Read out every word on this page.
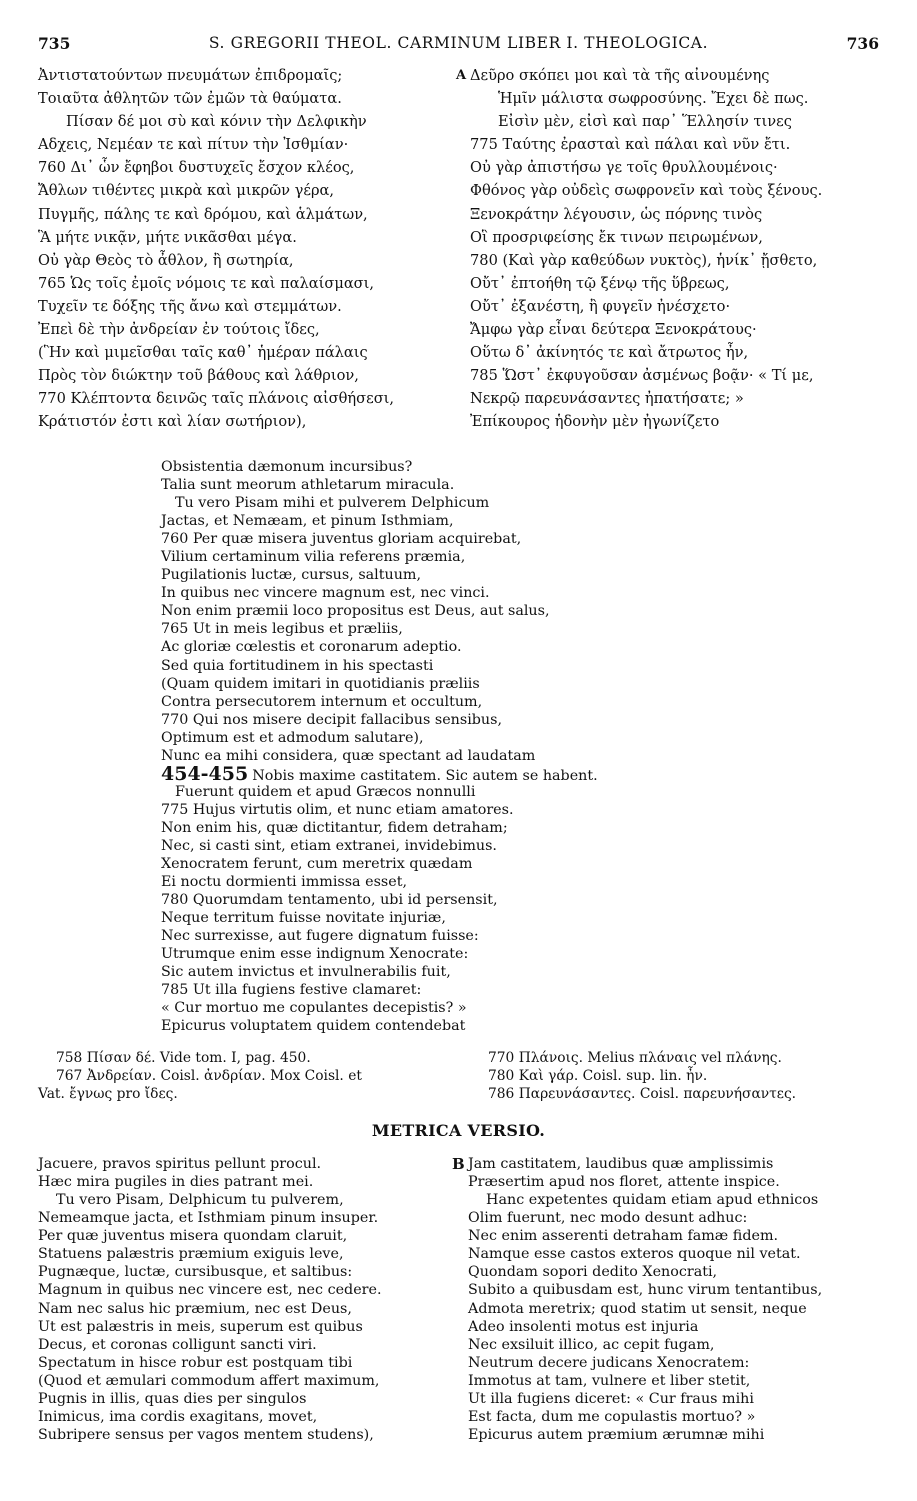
735	S. GREGORII THEOL. CARMINUM LIBER I. THEOLOGICA.	736
Ἀντιστατούντων πνευμάτων ἐπιδρομαῖς;
Τοιαῦτα ἀθλητῶν τῶν ἐμῶν τὰ θαύματα.
Πίσαν δέ μοι σὺ καὶ κόνιν τὴν Δελφικὴν
Αδχεις, Νεμέαν τε καὶ πίτυν τὴν Ἰσθμίαν·
760 Δι᾽ ὧν ἔφηβοι δυστυχεῖς ἔσχον κλέος,
Ἄθλων τιθέντες μικρὰ καὶ μικρῶν γέρα,
Πυγμῆς, πάλης τε καὶ δρόμου, καὶ ἁλμάτων,
Ἃ μήτε νικᾷν, μήτε νικᾶσθαι μέγα.
Οὐ γὰρ Θεὸς τὸ ἆθλον, ἢ σωτηρία,
765 Ὡς τοῖς ἐμοῖς νόμοις τε καὶ παλαίσμασι,
Τυχεῖν τε δόξης τῆς ἄνω καὶ στεμμάτων.
Ἐπεὶ δὲ τὴν ἀνδρείαν ἐν τούτοις ἴδες,
(Ἣν καὶ μιμεῖσθαι ταῖς καθ᾽ ἡμέραν πάλαις
Πρὸς τὸν διώκτην τοῦ βάθους καὶ λάθριον,
770 Κλέπτοντα δεινῶς ταῖς πλάνοις αἰσθήσεσι,
Κράτιστόν ἐστι καὶ λίαν σωτήριον),
A Δεῦρο σκόπει μοι καὶ τὰ τῆς αἰνουμένης
Ἡμῖν μάλιστα σωφροσύνης. Ἔχει δὲ πως.
Εἰσὶν μὲν, εἰσὶ καὶ παρ᾽ Ἕλλησίν τινες
775 Ταύτης ἐρασταὶ καὶ πάλαι καὶ νῦν ἔτι.
Οὐ γὰρ ἀπιστήσω γε τοῖς θρυλλουμένοις·
Φθόνος γὰρ οὐδεὶς σωφρονεῖν καὶ τοὺς ξένους.
Ξενοκράτην λέγουσιν, ὡς πόρνης τινὸς
Οἳ προσριφείσης ἔκ τινων πειρωμένων,
780 (Καὶ γὰρ καθεύδων νυκτὸς), ἡνίκ᾽ ᾔσθετο,
Οὔτ᾽ ἐπτοήθη τῷ ξένῳ τῆς ὕβρεως,
Οὔτ᾽ ἐξανέστη, ἢ φυγεῖν ἠνέσχετο·
Ἄμφω γὰρ εἶναι δεύτερα Ξενοκράτους·
Οὕτω δ᾽ ἀκίνητός τε καὶ ἄτρωτος ἦν,
785 Ὥστ᾽ ἐκφυγοῦσαν ἀσμένως βοᾷν· « Τί με,
Νεκρῷ παρευνάσαντες ἠπατήσατε; »
Ἐπίκουρος ἡδονὴν μὲν ἠγωνίζετο
Obsistentia dæmonum incursibus?
Talia sunt meorum athletarum miracula.
Tu vero Pisam mihi et pulverem Delphicum
Jactas, et Nemæam, et pinum Isthmiam,
760 Per quæ misera juventus gloriam acquirebat,
Vilium certaminum vilia referens præmia,
Pugilationis luctæ, cursus, saltuum,
In quibus nec vincere magnum est, nec vinci.
Non enim præmii loco propositus est Deus, aut salus,
765 Ut in meis legibus et præliis,
Ac gloriæ cœlestis et coronarum adeptio.
Sed quia fortitudinem in his spectasti
(Quam quidem imitari in quotidianis præliis
Contra persecutorem internum et occultum,
770 Qui nos misere decipit fallacibus sensibus,
Optimum est et admodum salutare),
Nunc ea mihi considera, quæ spectant ad laudatam
454-455 Nobis maxime castitatem. Sic autem se habent.
Fuerunt quidem et apud Græcos nonnulli
775 Hujus virtutis olim, et nunc etiam amatores.
Non enim his, quæ dictitantur, fidem detraham;
Nec, si casti sint, etiam extranei, invidebimus.
Xenocratem ferunt, cum meretrix quædam
Ei noctu dormienti immissa esset,
780 Quorumdam tentamento, ubi id persensit,
Neque territum fuisse novitate injuriæ,
Nec surrexisse, aut fugere dignatum fuisse:
Utrumque enim esse indignum Xenocrate:
Sic autem invictus et invulnerabilis fuit,
785 Ut illa fugiens festive clamaret:
« Cur mortuo me copulantes decepistis? »
Epicurus voluptatem quidem contendebat
758 Πίσαν δέ. Vide tom. I, pag. 450.
767 Ἀνδρείαν. Coisl. ἀνδρίαν. Mox Coisl. et
Vat. ἔγνως pro ἴδες.
770 Πλάνοις. Melius πλάναις vel πλάνης.
780 Καὶ γάρ. Coisl. sup. lin. ἦν.
786 Παρευνάσαντες. Coisl. παρευνήσαντες.
METRICA VERSIO.
Jacuere, pravos spiritus pellunt procul.
Hæc mira pugiles in dies patrant mei.
Tu vero Pisam, Delphicum tu pulverem,
Nemeamque jacta, et Isthmiam pinum insuper.
Per quæ juventus misera quondam claruit,
Statuens palæstris præmium exiguis leve,
Pugnæque, luctæ, cursibusque, et saltibus:
Magnum in quibus nec vincere est, nec cedere.
Nam nec salus hic præmium, nec est Deus,
Ut est palæstris in meis, superum est quibus
Decus, et coronas colligunt sancti viri.
Spectatum in hisce robur est postquam tibi
(Quod et æmulari commodum affert maximum,
Pugnis in illis, quas dies per singulos
Inimicus, ima cordis exagitans, movet,
Subripere sensus per vagos mentem studens),
B Jam castitatem, laudibus quæ amplissimis
Præsertim apud nos floret, attente inspice.
Hanc expetentes quidam etiam apud ethnicos
Olim fuerunt, nec modo desunt adhuc:
Nec enim asserenti detraham famæ fidem.
Namque esse castos exteros quoque nil vetat.
Quondam sopori dedito Xenocrati,
Subito a quibusdam est, hunc virum tentantibus,
Admota meretrix; quod statim ut sensit, neque
Adeo insolenti motus est injuria
Nec exsiluit illico, ac cepit fugam,
Neutrum decere judicans Xenocratem:
Immotus at tam, vulnere et liber stetit,
Ut illa fugiens diceret: « Cur fraus mihi
Est facta, dum me copulastis mortuo? »
Epicurus autem præmium ærumnæ mihi
